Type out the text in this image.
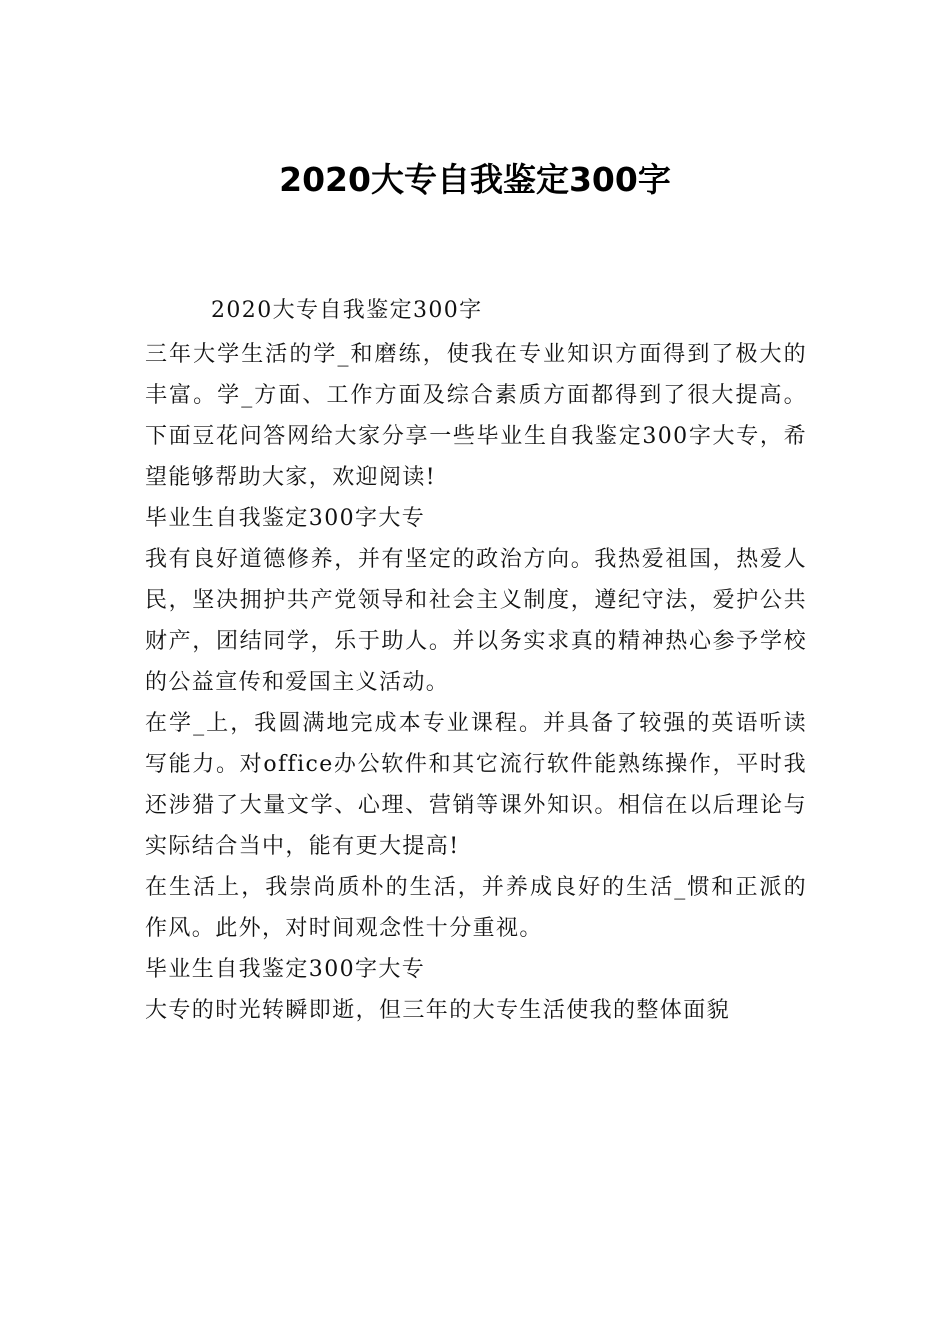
2020大专自我鉴定300字

2020大专自我鉴定300字

三年大学生活的学_和磨练，使我在专业知识方面得到了极大的丰富。学_方面、工作方面及综合素质方面都得到了很大提高。下面豆花问答网给大家分享一些毕业生自我鉴定300字大专，希望能够帮助大家，欢迎阅读!

毕业生自我鉴定300字大专

我有良好道德修养，并有坚定的政治方向。我热爱祖国，热爱人民，坚决拥护共产党领导和社会主义制度，遵纪守法，爱护公共财产，团结同学，乐于助人。并以务实求真的精神热心参予学校的公益宣传和爱国主义活动。

在学_上，我圆满地完成本专业课程。并具备了较强的英语听读写能力。对office办公软件和其它流行软件能熟练操作，平时我还涉猎了大量文学、心理、营销等课外知识。相信在以后理论与实际结合当中，能有更大提高!

在生活上，我崇尚质朴的生活，并养成良好的生活_惯和正派的作风。此外，对时间观念性十分重视。

毕业生自我鉴定300字大专

大专的时光转瞬即逝，但三年的大专生活使我的整体面貌
